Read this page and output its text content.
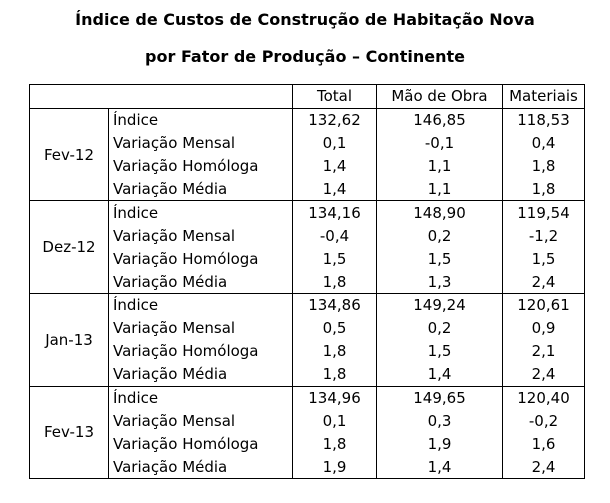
Índice de Custos de Construção de Habitação Nova
por Fator de Produção – Continente
		Total	Mão de Obra	Materiais
Fev-12	Índice	132,62	146,85	118,53
	Variação Mensal	0,1	-0,1	0,4
	Variação Homóloga	1,4	1,1	1,8
	Variação Média	1,4	1,1	1,8
Dez-12	Índice	134,16	148,90	119,54
	Variação Mensal	-0,4	0,2	-1,2
	Variação Homóloga	1,5	1,5	1,5
	Variação Média	1,8	1,3	2,4
Jan-13	Índice	134,86	149,24	120,61
	Variação Mensal	0,5	0,2	0,9
	Variação Homóloga	1,8	1,5	2,1
	Variação Média	1,8	1,4	2,4
Fev-13	Índice	134,96	149,65	120,40
	Variação Mensal	0,1	0,3	-0,2
	Variação Homóloga	1,8	1,9	1,6
	Variação Média	1,9	1,4	2,4
